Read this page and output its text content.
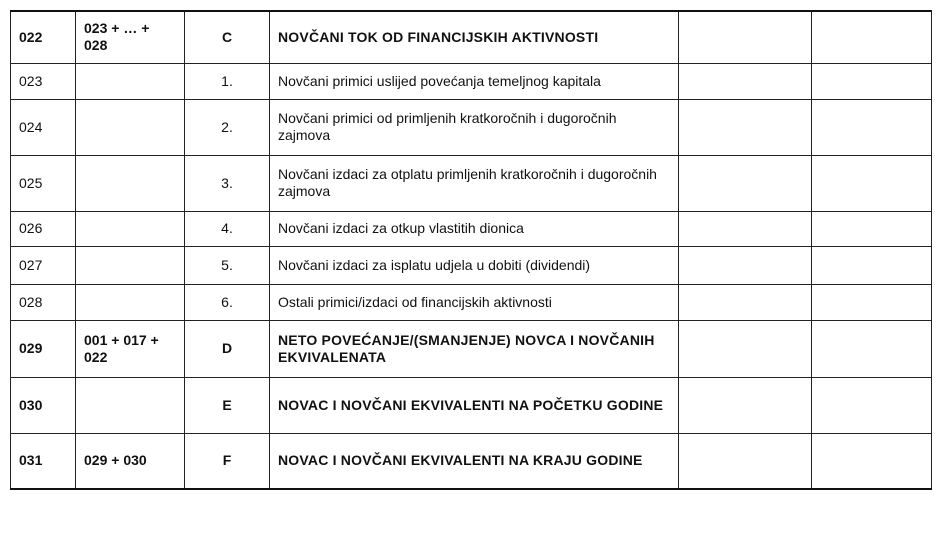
022	023 + … + 028	C	NOVČANI TOK OD FINANCIJSKIH AKTIVNOSTI		
023		1.	Novčani primici uslijed povećanja temeljnog kapitala		
024		2.	Novčani primici od primljenih kratkoročnih i dugoročnih zajmova		
025		3.	Novčani izdaci za otplatu primljenih kratkoročnih i dugoročnih zajmova		
026		4.	Novčani izdaci za otkup vlastitih dionica		
027		5.	Novčani izdaci za isplatu udjela u dobiti (dividendi)		
028		6.	Ostali primici/izdaci od financijskih aktivnosti		
029	001 + 017 + 022	D	NETO POVEĆANJE/(SMANJENJE) NOVCA I NOVČANIH EKVIVALENATA		
030		E	NOVAC I NOVČANI EKVIVALENTI NA POČETKU GODINE		
031	029 + 030	F	NOVAC I NOVČANI EKVIVALENTI NA KRAJU GODINE		
